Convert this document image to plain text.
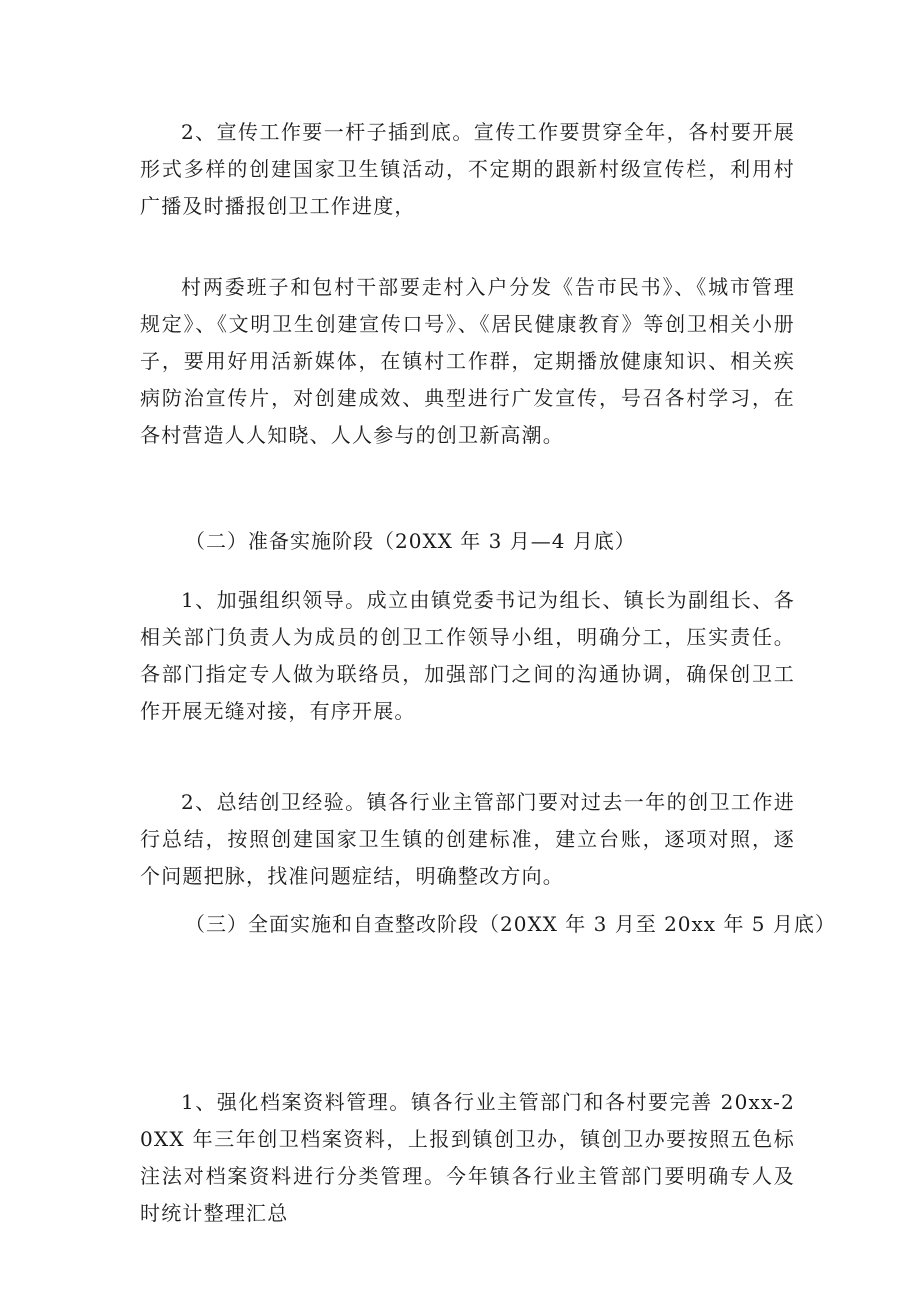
2、宣传工作要一杆子插到底。宣传工作要贯穿全年，各村要开展形式多样的创建国家卫生镇活动，不定期的跟新村级宣传栏，利用村广播及时播报创卫工作进度，

村两委班子和包村干部要走村入户分发《告市民书》、《城市管理规定》、《文明卫生创建宣传口号》、《居民健康教育》等创卫相关小册子，要用好用活新媒体，在镇村工作群，定期播放健康知识、相关疾病防治宣传片，对创建成效、典型进行广发宣传，号召各村学习，在各村营造人人知晓、人人参与的创卫新高潮。

（二）准备实施阶段（20XX 年 3 月—4 月底）

1、加强组织领导。成立由镇党委书记为组长、镇长为副组长、各相关部门负责人为成员的创卫工作领导小组，明确分工，压实责任。各部门指定专人做为联络员，加强部门之间的沟通协调，确保创卫工作开展无缝对接，有序开展。

2、总结创卫经验。镇各行业主管部门要对过去一年的创卫工作进行总结，按照创建国家卫生镇的创建标准，建立台账，逐项对照，逐个问题把脉，找准问题症结，明确整改方向。

（三）全面实施和自查整改阶段（20XX 年 3 月至 20xx 年 5 月底）

1、强化档案资料管理。镇各行业主管部门和各村要完善 20xx-20XX 年三年创卫档案资料，上报到镇创卫办，镇创卫办要按照五色标注法对档案资料进行分类管理。今年镇各行业主管部门要明确专人及时统计整理汇总
